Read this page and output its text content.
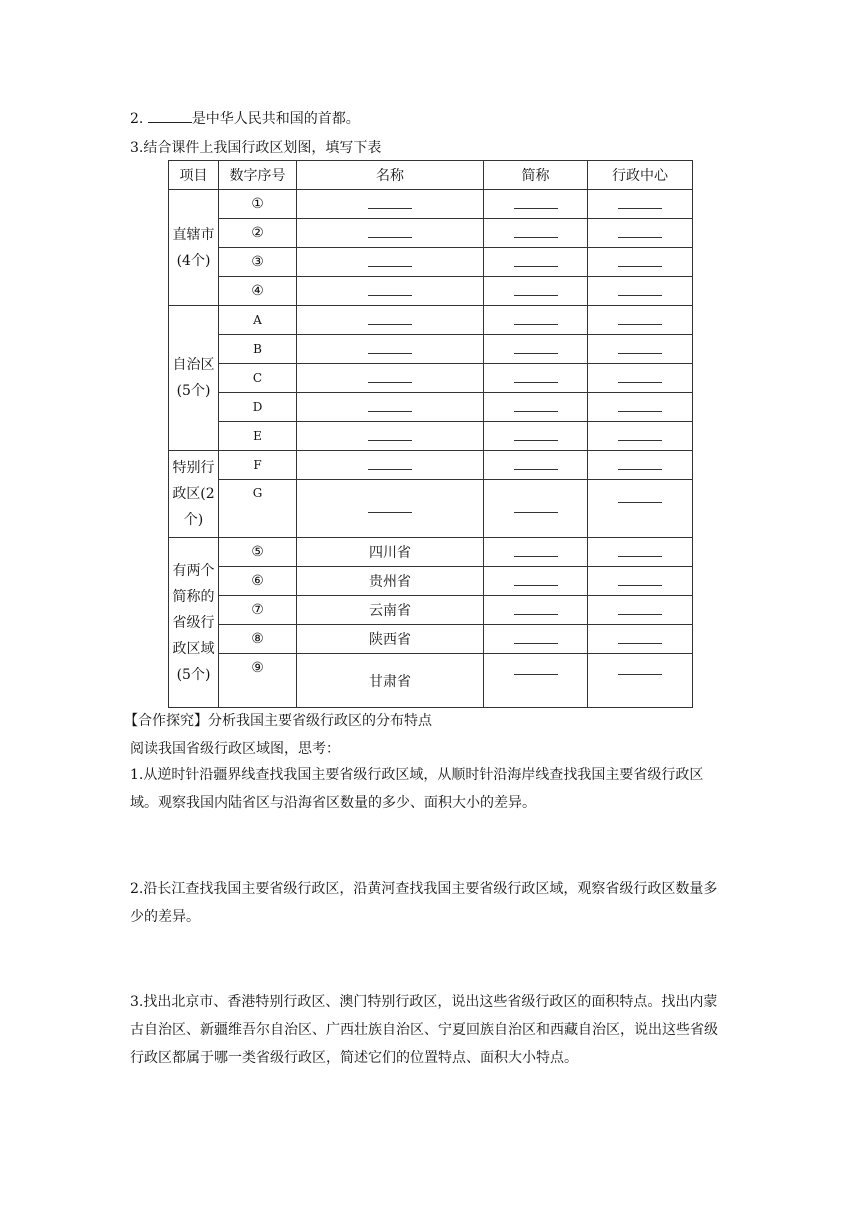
2.	是中华人民共和国的首都。
3.结合课件上我国行政区划图，填写下表
项目	数字序号	名称	简称	行政中心
直辖市(4个)	①			
	②			
	③			
	④			
自治区(5个)	A			
	B			
	C			
	D			
	E			
特别行政区(2个)	F			
	G			
有两个简称的省级行政区域(5个)	⑤	四川省		
	⑥	贵州省		
	⑦	云南省		
	⑧	陕西省		
	⑨	甘肃省		
【合作探究】分析我国主要省级行政区的分布特点
阅读我国省级行政区域图，思考：
1.从逆时针沿疆界线查找我国主要省级行政区域，从顺时针沿海岸线查找我国主要省级行政区域。观察我国内陆省区与沿海省区数量的多少、面积大小的差异。
2.沿长江查找我国主要省级行政区，沿黄河查找我国主要省级行政区域，观察省级行政区数量多少的差异。
3.找出北京市、香港特别行政区、澳门特别行政区，说出这些省级行政区的面积特点。找出内蒙古自治区、新疆维吾尔自治区、广西壮族自治区、宁夏回族自治区和西藏自治区，说出这些省级行政区都属于哪一类省级行政区，简述它们的位置特点、面积大小特点。
